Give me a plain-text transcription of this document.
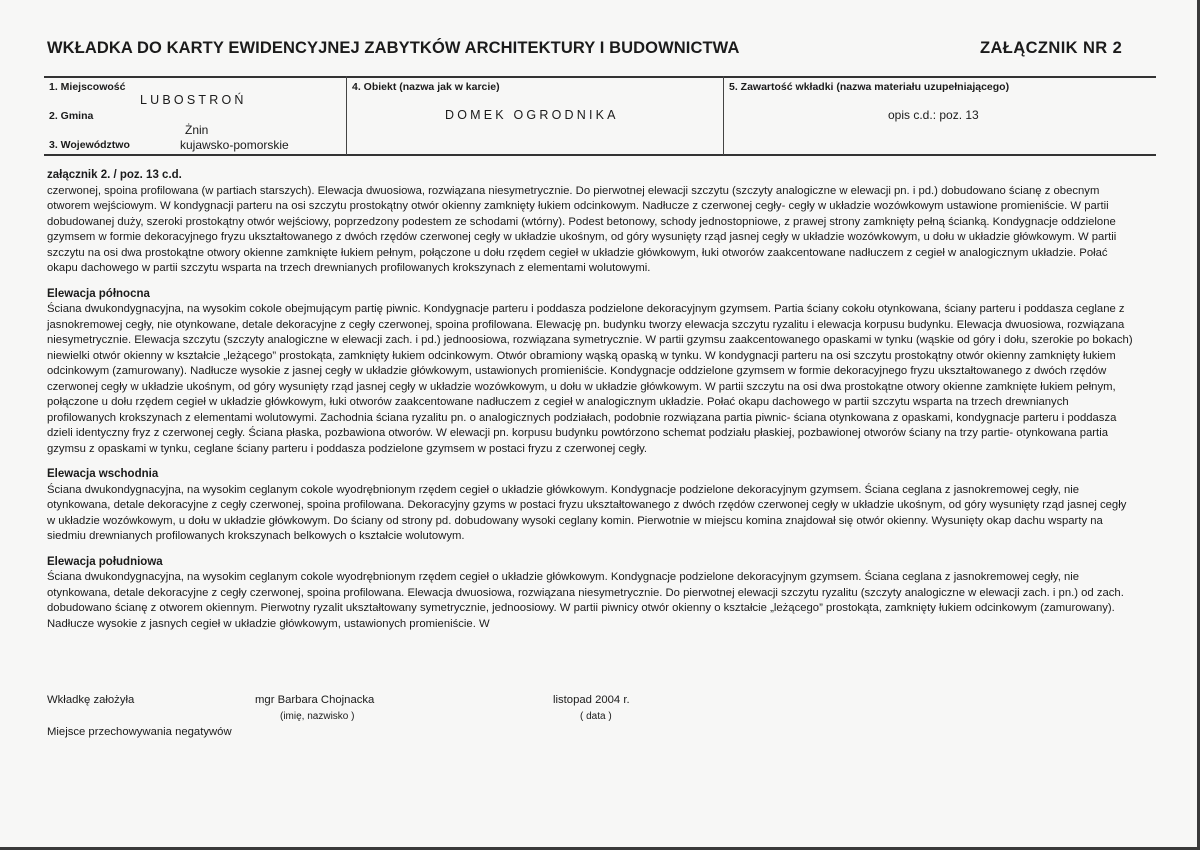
WKŁADKA DO KARTY EWIDENCYJNEJ ZABYTKÓW ARCHITEKTURY I BUDOWNICTWA	ZAŁĄCZNIK NR 2
1. Miejscowość
LUBOSTROŃ
2. Gmina
Żnin
3. Województwo	kujawsko-pomorskie
4. Obiekt (nazwa jak w karcie)
DOMEK OGRODNIKA
5. Zawartość wkładki (nazwa materiału uzupełniającego)
opis c.d.: poz. 13

załącznik 2. / poz. 13 c.d.

czerwonej, spoina profilowana (w partiach starszych). Elewacja dwuosiowa, rozwiązana niesymetrycznie. Do pierwotnej elewacji szczytu (szczyty analogiczne w elewacji pn. i pd.) dobudowano ścianę z obecnym otworem wejściowym. W kondygnacji parteru na osi szczytu prostokątny otwór okienny zamknięty łukiem odcinkowym. Nadłucze z czerwonej cegły- cegły w układzie wozówkowym ustawione promieniście. W partii dobudowanej duży, szeroki prostokątny otwór wejściowy, poprzedzony podestem ze schodami (wtórny). Podest betonowy, schody jednostopniowe, z prawej strony zamknięty pełną ścianką. Kondygnacje oddzielone gzymsem w formie dekoracyjnego fryzu ukształtowanego z dwóch rzędów czerwonej cegły w układzie ukośnym, od góry wysunięty rząd jasnej cegły w układzie wozówkowym, u dołu w układzie główkowym. W partii szczytu na osi dwa prostokątne otwory okienne zamknięte łukiem pełnym, połączone u dołu rzędem cegieł w układzie główkowym, łuki otworów zaakcentowane nadłuczem z cegieł w analogicznym układzie. Połać okapu dachowego w partii szczytu wsparta na trzech drewnianych profilowanych krokszynach z elementami wolutowymi.

Elewacja północna

Ściana dwukondygnacyjna, na wysokim cokole obejmującym partię piwnic. Kondygnacje parteru i poddasza podzielone dekoracyjnym gzymsem. Partia ściany cokołu otynkowana, ściany parteru i poddasza ceglane z jasnokremowej cegły, nie otynkowane, detale dekoracyjne z cegły czerwonej, spoina profilowana. Elewację pn. budynku tworzy elewacja szczytu ryzalitu i elewacja korpusu budynku. Elewacja dwuosiowa, rozwiązana niesymetrycznie. Elewacja szczytu (szczyty analogiczne w elewacji zach. i pd.) jednoosiowa, rozwiązana symetrycznie. W partii gzymsu zaakcentowanego opaskami w tynku (wąskie od góry i dołu, szerokie po bokach) niewielki otwór okienny w kształcie „leżącego” prostokąta, zamknięty łukiem odcinkowym. Otwór obramiony wąską opaską w tynku. W kondygnacji parteru na osi szczytu prostokątny otwór okienny zamknięty łukiem odcinkowym (zamurowany). Nadłucze wysokie z jasnej cegły w układzie główkowym, ustawionych promieniście. Kondygnacje oddzielone gzymsem w formie dekoracyjnego fryzu ukształtowanego z dwóch rzędów czerwonej cegły w układzie ukośnym, od góry wysunięty rząd jasnej cegły w układzie wozówkowym, u dołu w układzie główkowym. W partii szczytu na osi dwa prostokątne otwory okienne zamknięte łukiem pełnym, połączone u dołu rzędem cegieł w układzie główkowym, łuki otworów zaakcentowane nadłuczem z cegieł w analogicznym układzie. Połać okapu dachowego w partii szczytu wsparta na trzech drewnianych profilowanych krokszynach z elementami wolutowymi. Zachodnia ściana ryzalitu pn. o analogicznych podziałach, podobnie rozwiązana partia piwnic- ściana otynkowana z opaskami, kondygnacje parteru i poddasza dzieli identyczny fryz z czerwonej cegły. Ściana płaska, pozbawiona otworów. W elewacji pn. korpusu budynku powtórzono schemat podziału płaskiej, pozbawionej otworów ściany na trzy partie- otynkowana partia gzymsu z opaskami w tynku, ceglane ściany parteru i poddasza podzielone gzymsem w postaci fryzu z czerwonej cegły.

Elewacja wschodnia

Ściana dwukondygnacyjna, na wysokim ceglanym cokole wyodrębnionym rzędem cegieł o układzie główkowym. Kondygnacje podzielone dekoracyjnym gzymsem. Ściana ceglana z jasnokremowej cegły, nie otynkowana, detale dekoracyjne z cegły czerwonej, spoina profilowana. Dekoracyjny gzyms w postaci fryzu ukształtowanego z dwóch rzędów czerwonej cegły w układzie ukośnym, od góry wysunięty rząd jasnej cegły w układzie wozówkowym, u dołu w układzie główkowym. Do ściany od strony pd. dobudowany wysoki ceglany komin. Pierwotnie w miejscu komina znajdował się otwór okienny. Wysunięty okap dachu wsparty na siedmiu drewnianych profilowanych krokszynach belkowych o kształcie wolutowym.

Elewacja południowa

Ściana dwukondygnacyjna, na wysokim ceglanym cokole wyodrębnionym rzędem cegieł o układzie główkowym. Kondygnacje podzielone dekoracyjnym gzymsem. Ściana ceglana z jasnokremowej cegły, nie otynkowana, detale dekoracyjne z cegły czerwonej, spoina profilowana. Elewacja dwuosiowa, rozwiązana niesymetrycznie. Do pierwotnej elewacji szczytu ryzalitu (szczyty analogiczne w elewacji zach. i pn.) od zach. dobudowano ścianę z otworem okiennym. Pierwotny ryzalit ukształtowany symetrycznie, jednoosiowy. W partii piwnicy otwór okienny o kształcie „leżącego” prostokąta, zamknięty łukiem odcinkowym (zamurowany). Nadłucze wysokie z jasnych cegieł w układzie główkowym, ustawionych promieniście. W

Wkładkę założyła	mgr Barbara Chojnacka
(imię, nazwisko )
listopad 2004 r.
( data )
Miejsce przechowywania negatywów
